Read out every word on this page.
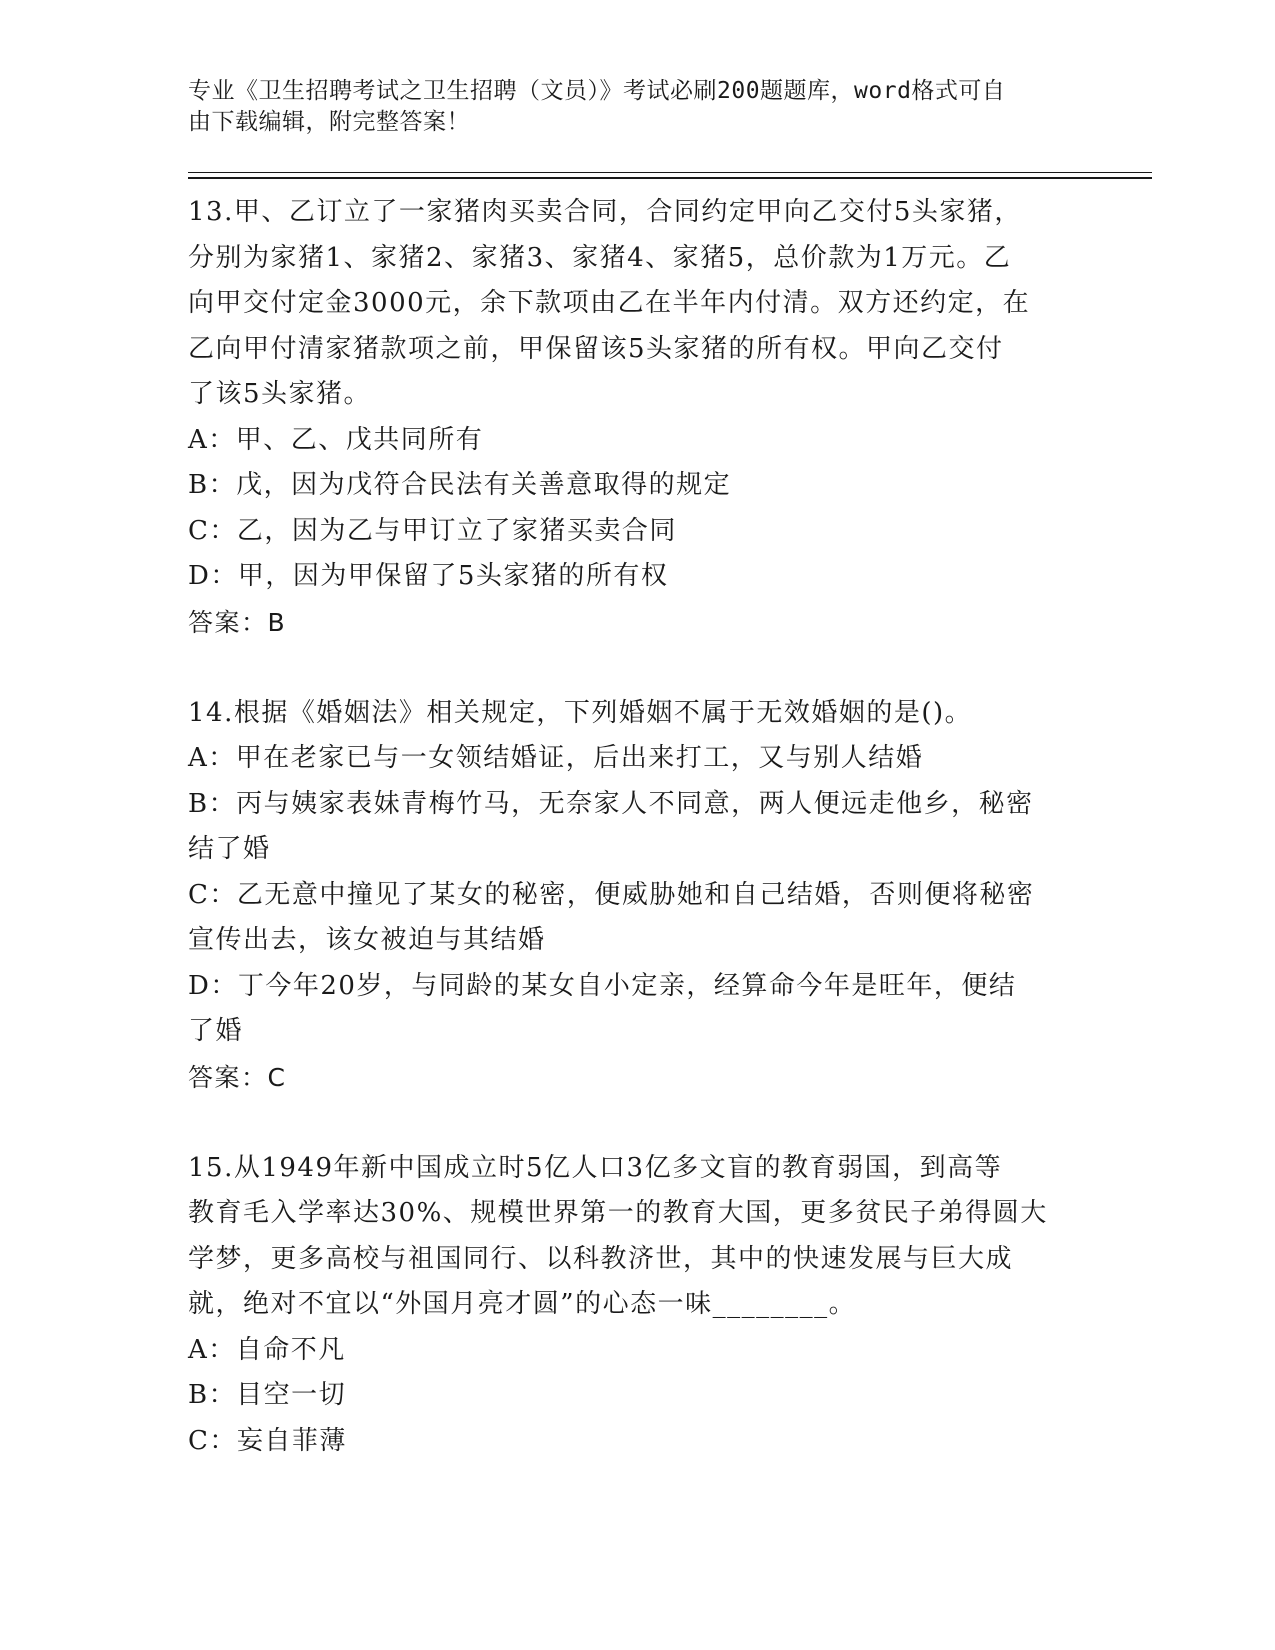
专业《卫生招聘考试之卫生招聘（文员）》考试必刷200题题库，word格式可自
由下载编辑，附完整答案！

13.甲、乙订立了一家猪肉买卖合同，合同约定甲向乙交付5头家猪，

分别为家猪1、家猪2、家猪3、家猪4、家猪5，总价款为1万元。乙

向甲交付定金3000元，余下款项由乙在半年内付清。双方还约定，在

乙向甲付清家猪款项之前，甲保留该5头家猪的所有权。甲向乙交付

了该5头家猪。

A：甲、乙、戊共同所有

B：戊，因为戊符合民法有关善意取得的规定

C：乙，因为乙与甲订立了家猪买卖合同

D：甲，因为甲保留了5头家猪的所有权

答案：B

14.根据《婚姻法》相关规定，下列婚姻不属于无效婚姻的是()。

A：甲在老家已与一女领结婚证，后出来打工，又与别人结婚

B：丙与姨家表妹青梅竹马，无奈家人不同意，两人便远走他乡，秘密

结了婚

C：乙无意中撞见了某女的秘密，便威胁她和自己结婚，否则便将秘密

宣传出去，该女被迫与其结婚

D：丁今年20岁，与同龄的某女自小定亲，经算命今年是旺年，便结

了婚

答案：C

15.从1949年新中国成立时5亿人口3亿多文盲的教育弱国，到高等

教育毛入学率达30%、规模世界第一的教育大国，更多贫民子弟得圆大

学梦，更多高校与祖国同行、以科教济世，其中的快速发展与巨大成

就，绝对不宜以“外国月亮才圆”的心态一味________。

A：自命不凡

B：目空一切

C：妄自菲薄
